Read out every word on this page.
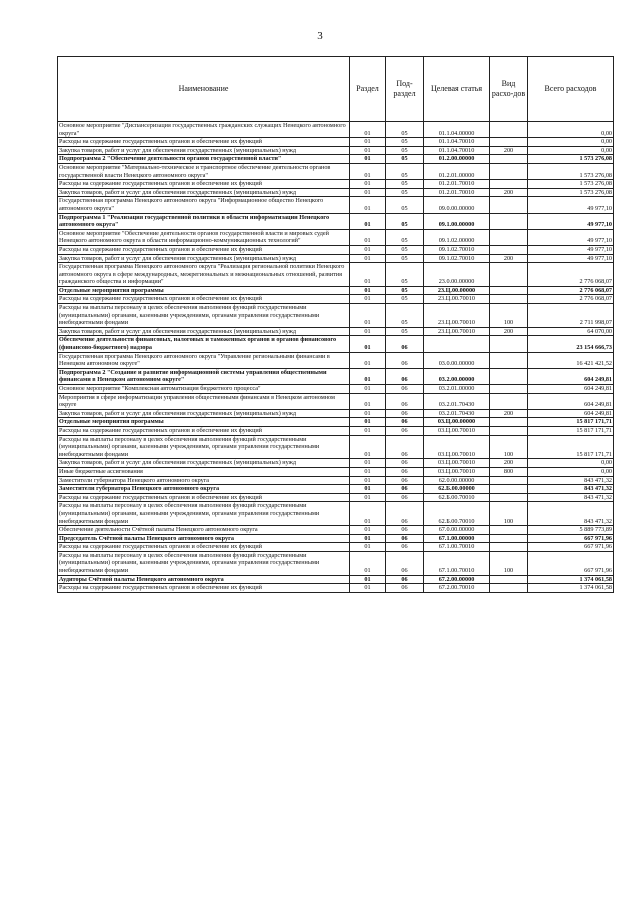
3
Наименование	Раздел	Под-раздел	Целевая статья	Вид расхо-дов	Всего расходов
Основное мероприятие "Диспансеризация государственных гражданских служащих Ненецкого автономного округа"	01	05	01.1.04.00000		0,00
Расходы на содержание государственных органов и обеспечение их функций	01	05	01.1.04.70010		0,00
Закупка товаров, работ и услуг для обеспечения государственных (муниципальных) нужд	01	05	01.1.04.70010	200	0,00
Подпрограмма 2 "Обеспечение деятельности органов государственной власти"	01	05	01.2.00.00000		1 573 276,08
Основное мероприятие "Материально-техническое и транспортное обеспечение деятельности органов государственной власти Ненецкого автономного округа"	01	05	01.2.01.00000		1 573 276,08
Расходы на содержание государственных органов и обеспечение их функций	01	05	01.2.01.70010		1 573 276,08
Закупка товаров, работ и услуг для обеспечения государственных (муниципальных) нужд	01	05	01.2.01.70010	200	1 573 276,08
Государственная программа Ненецкого автономного округа "Информационное общество Ненецкого автономного округа"	01	05	09.0.00.00000		49 977,10
Подпрограмма 1 "Реализация государственной политики в области информатизации Ненецкого автономного округа"	01	05	09.1.00.00000		49 977,10
Основное мероприятие "Обеспечение деятельности органов государственной власти и мировых судей Ненецкого автономного округа в области информационно-коммуникационных технологий"	01	05	09.1.02.00000		49 977,10
Расходы на содержание государственных органов и обеспечение их функций	01	05	09.1.02.70010		49 977,10
Закупка товаров, работ и услуг для обеспечения государственных (муниципальных) нужд	01	05	09.1.02.70010	200	49 977,10
Государственная программа Ненецкого автономного округа "Реализация региональной политики Ненецкого автономного округа в сфере международных, межрегиональных и межнациональных отношений, развития гражданского общества и информации"	01	05	23.0.00.00000		2 776 068,07
Отдельные мероприятия программы	01	05	23.Ц.00.00000		2 776 068,07
Расходы на содержание государственных органов и обеспечение их функций	01	05	23.Ц.00.70010		2 776 068,07
Расходы на выплаты персоналу в целях обеспечения выполнения функций государственными (муниципальными) органами, казенными учреждениями, органами управления государственными внебюджетными фондами	01	05	23.Ц.00.70010	100	2 711 998,07
Закупка товаров, работ и услуг для обеспечения государственных (муниципальных) нужд	01	05	23.Ц.00.70010	200	64 070,00
Обеспечение деятельности финансовых, налоговых и таможенных органов и органов финансового (финансово-бюджетного) надзора	01	06			23 154 666,73
Государственная программа Ненецкого автономного округа "Управление региональными финансами в Ненецком автономном округе"	01	06	03.0.00.00000		16 421 421,52
Подпрограмма 2 "Создание и развитие информационной системы управления общественными финансами в Ненецком автономном округе"	01	06	03.2.00.00000		604 249,81
Основное мероприятие "Комплексная автоматизация бюджетного процесса"	01	06	03.2.01.00000		604 249,81
Мероприятия в сфере информатизации управления общественными финансами в Ненецком автономном округе	01	06	03.2.01.70430		604 249,81
Закупка товаров, работ и услуг для обеспечения государственных (муниципальных) нужд	01	06	03.2.01.70430	200	604 249,81
Отдельные мероприятия программы	01	06	03.Ц.00.00000		15 817 171,71
Расходы на содержание государственных органов и обеспечение их функций	01	06	03.Ц.00.70010		15 817 171,71
Расходы на выплаты персоналу в целях обеспечения выполнения функций государственными (муниципальными) органами, казенными учреждениями, органами управления государственными внебюджетными фондами	01	06	03.Ц.00.70010	100	15 817 171,71
Закупка товаров, работ и услуг для обеспечения государственных (муниципальных) нужд	01	06	03.Ц.00.70010	200	0,00
Иные бюджетные ассигнования	01	06	03.Ц.00.70010	800	0,00
Заместители губернатора Ненецкого автономного округа	01	06	62.0.00.00000		843 471,32
Заместители губернатора Ненецкого автономного округа	01	06	62.Б.00.00000		843 471,32
Расходы на содержание государственных органов и обеспечение их функций	01	06	62.Б.00.70010		843 471,32
Расходы на выплаты персоналу в целях обеспечения выполнения функций государственными (муниципальными) органами, казенными учреждениями, органами управления государственными внебюджетными фондами	01	06	62.Б.00.70010	100	843 471,32
Обеспечение деятельности Счётной палаты Ненецкого автономного округа	01	06	67.0.00.00000		5 889 773,89
Председатель Счётной палаты Ненецкого автономного округа	01	06	67.1.00.00000		667 971,96
Расходы на содержание государственных органов и обеспечение их функций	01	06	67.1.00.70010		667 971,96
Расходы на выплаты персоналу в целях обеспечения выполнения функций государственными (муниципальными) органами, казенными учреждениями, органами управления государственными внебюджетными фондами	01	06	67.1.00.70010	100	667 971,96
Аудиторы Счётной палаты Ненецкого автономного округа	01	06	67.2.00.00000		1 374 061,58
Расходы на содержание государственных органов и обеспечение их функций	01	06	67.2.00.70010		1 374 061,58
